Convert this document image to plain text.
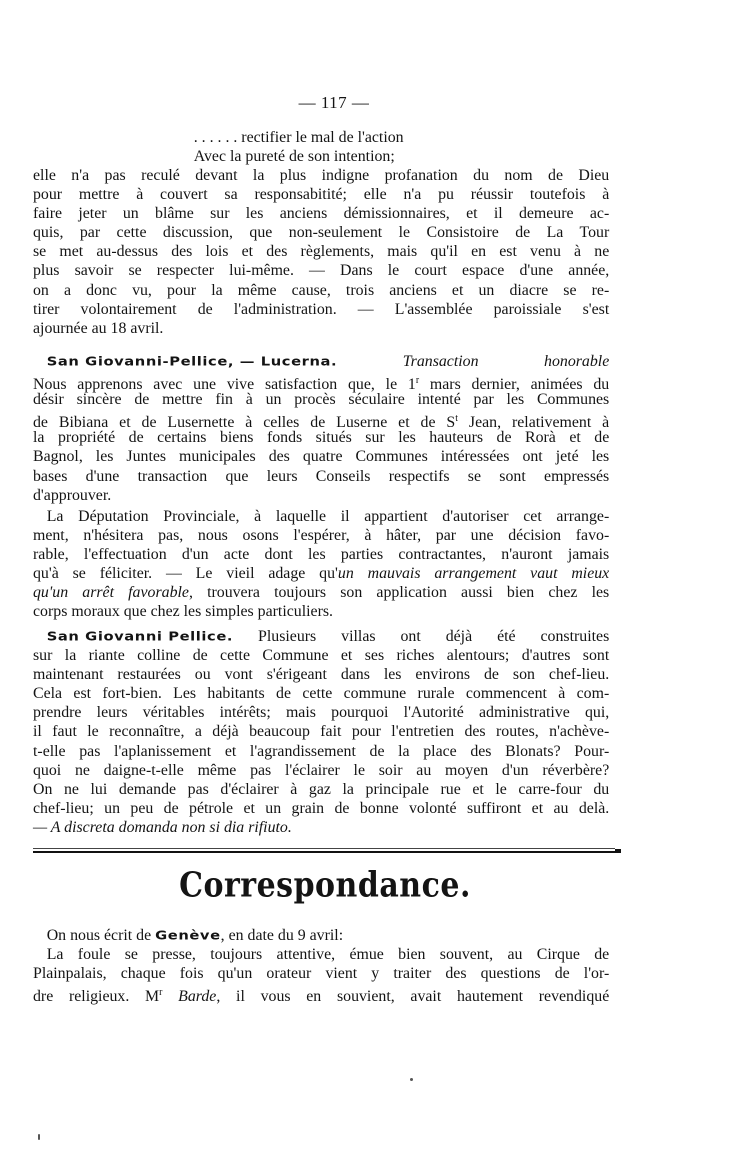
— 117 —
. . . . . . rectifier le mal de l'action
Avec la pureté de son intention;
elle n'a pas reculé devant la plus indigne profanation du nom de Dieu
pour mettre à couvert sa responsabitité; elle n'a pu réussir toutefois à
faire jeter un blâme sur les anciens démissionnaires, et il demeure ac-
quis, par cette discussion, que non-seulement le Consistoire de La Tour
se met au-dessus des lois et des règlements, mais qu'il en est venu à ne
plus savoir se respecter lui-même. — Dans le court espace d'une année,
on a donc vu, pour la même cause, trois anciens et un diacre se re-
tirer volontairement de l'administration. — L'assemblée paroissiale s'est
ajournée au 18 avril.
San Giovanni-Pellice, — Lucerna.	Transaction honorable
Nous apprenons avec une vive satisfaction que, le 1$^r$ mars dernier, animées du
désir sincère de mettre fin à un procès séculaire intenté par les Communes
de Bibiana et de Lusernette à celles de Luserne et de $S^t$ Jean, relativement à
la propriété de certains biens fonds situés sur les hauteurs de Rorà et de
Bagnol, les Juntes municipales des quatre Communes intéressées ont jeté les
bases d'une transaction que leurs Conseils respectifs se sont empressés
d'approuver.
La Députation Provinciale, à laquelle il appartient d'autoriser cet arrange-
ment, n'hésitera pas, nous osons l'espérer, à hâter, par une décision favo-
rable, l'effectuation d'un acte dont les parties contractantes, n'auront jamais
qu'à se féliciter. — Le vieil adage qu'un mauvais arrangement vaut mieux
qu'un arrêt favorable, trouvera toujours son application aussi bien chez les
corps moraux que chez les simples particuliers.
San Giovanni Pellice. Plusieurs villas ont déjà été construites
sur la riante colline de cette Commune et ses riches alentours; d'autres sont
maintenant restaurées ou vont s'érigeant dans les environs de son chef-lieu.
Cela est fort-bien. Les habitants de cette commune rurale commencent à com-
prendre leurs véritables intérêts; mais pourquoi l'Autorité administrative qui,
il faut le reconnaître, a déjà beaucoup fait pour l'entretien des routes, n'achève-
t-elle pas l'aplanissement et l'agrandissement de la place des Blonats? Pour-
quoi ne daigne-t-elle même pas l'éclairer le soir au moyen d'un réverbère?
On ne lui demande pas d'éclairer à gaz la principale rue et le carre-four du
chef-lieu; un peu de pétrole et un grain de bonne volonté suffiront et au delà.
— A discreta domanda non si dia rifiuto.
Correspondance.
On nous écrit de Genève, en date du 9 avril:
La foule se presse, toujours attentive, émue bien souvent, au Cirque de
Plainpalais, chaque fois qu'un orateur vient y traiter des questions de l'or-
dre religieux. $M^r$ Barde, il vous en souvient, avait hautement revendiqué
